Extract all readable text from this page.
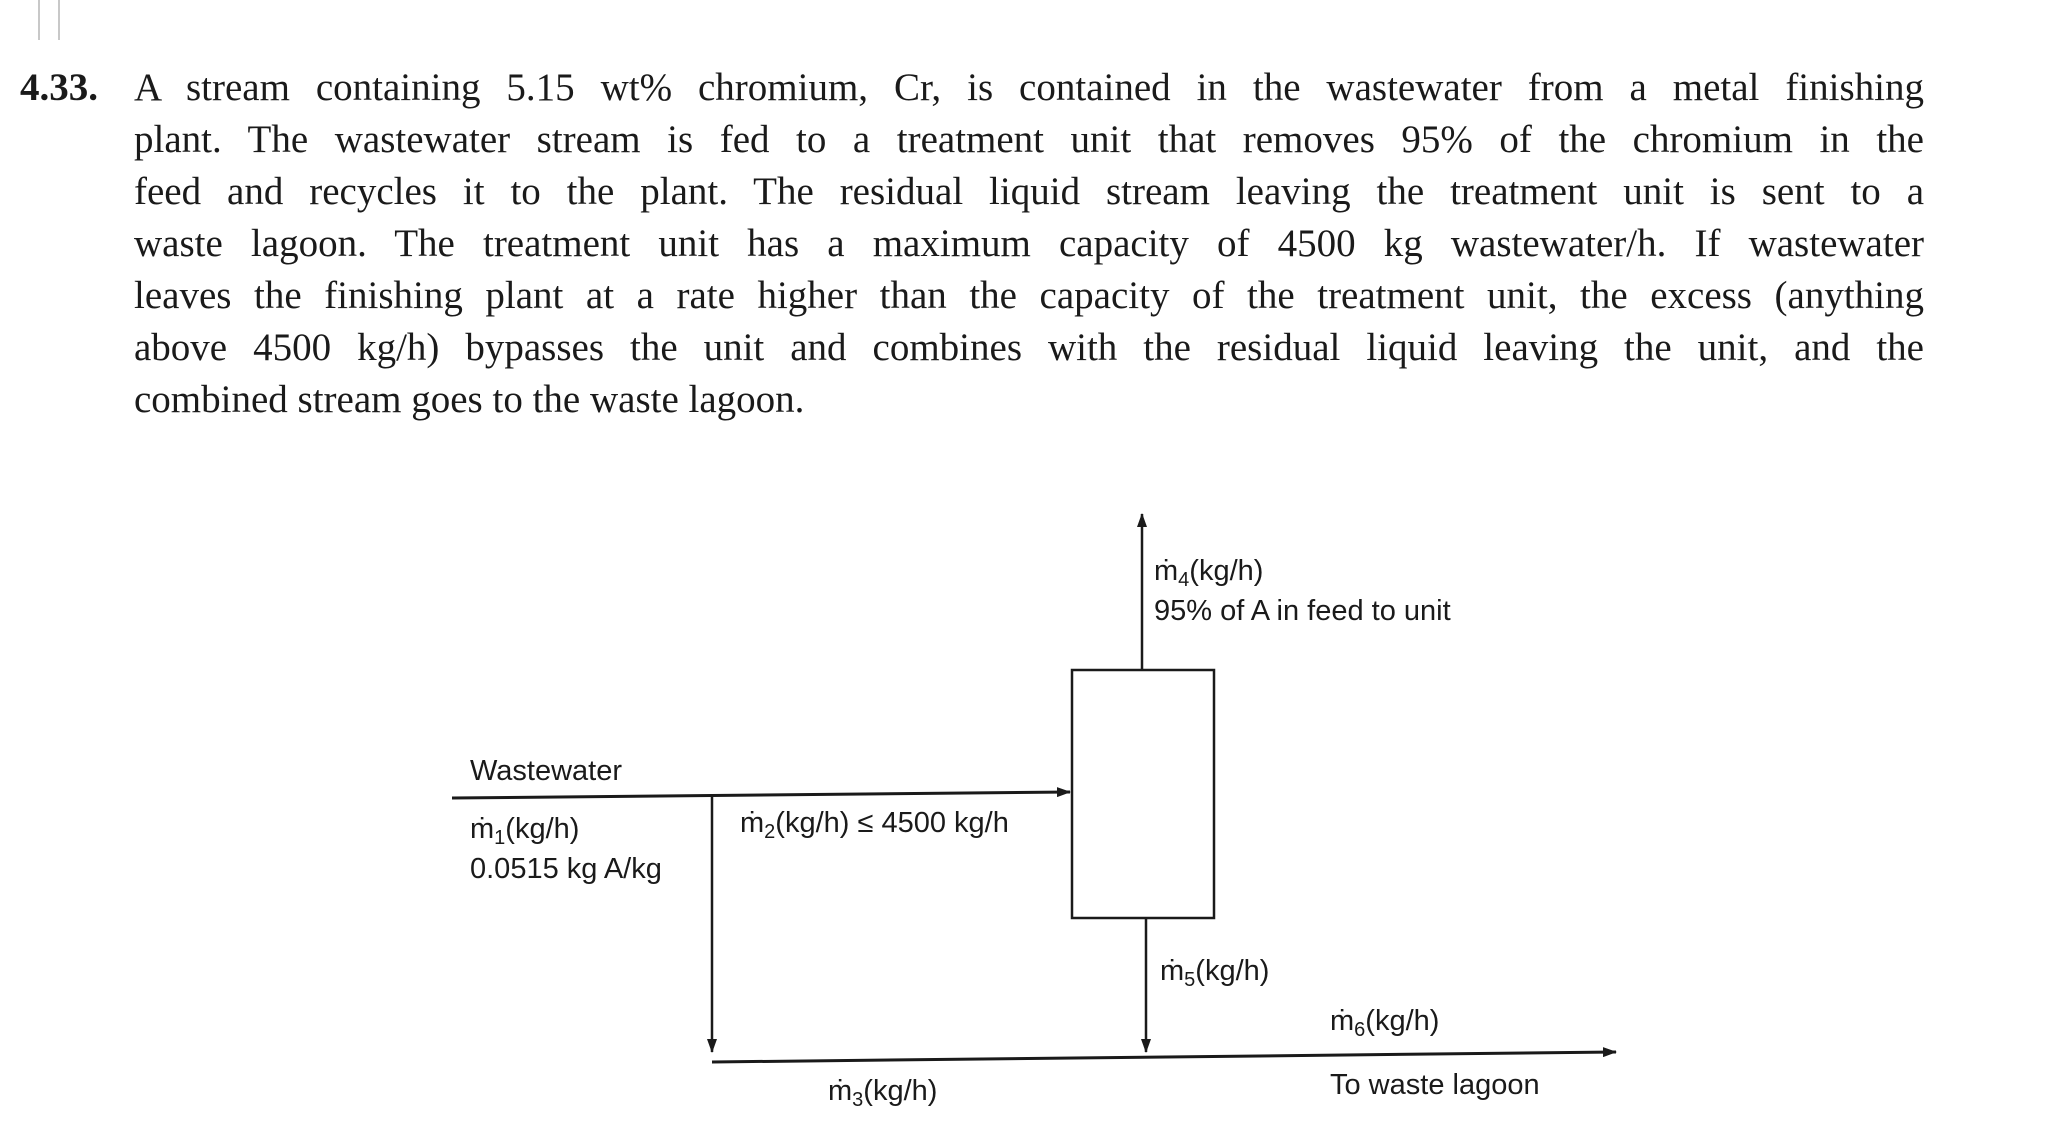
4.33. A stream containing 5.15 wt% chromium, Cr, is contained in the wastewater from a metal finishing
plant. The wastewater stream is fed to a treatment unit that removes 95% of the chromium in the
feed and recycles it to the plant. The residual liquid stream leaving the treatment unit is sent to a
waste lagoon. The treatment unit has a maximum capacity of 4500 kg wastewater/h. If wastewater
leaves the finishing plant at a rate higher than the capacity of the treatment unit, the excess (anything
above 4500 kg/h) bypasses the unit and combines with the residual liquid leaving the unit, and the
combined stream goes to the waste lagoon.
Wastewater
ṁ$_1$(kg/h)
0.0515 kg A/kg
ṁ$_2$(kg/h) ≤ 4500 kg/h
ṁ$_4$(kg/h)
95% of A in feed to unit
ṁ$_5$(kg/h)
ṁ$_6$(kg/h)
To waste lagoon
ṁ$_3$(kg/h)
